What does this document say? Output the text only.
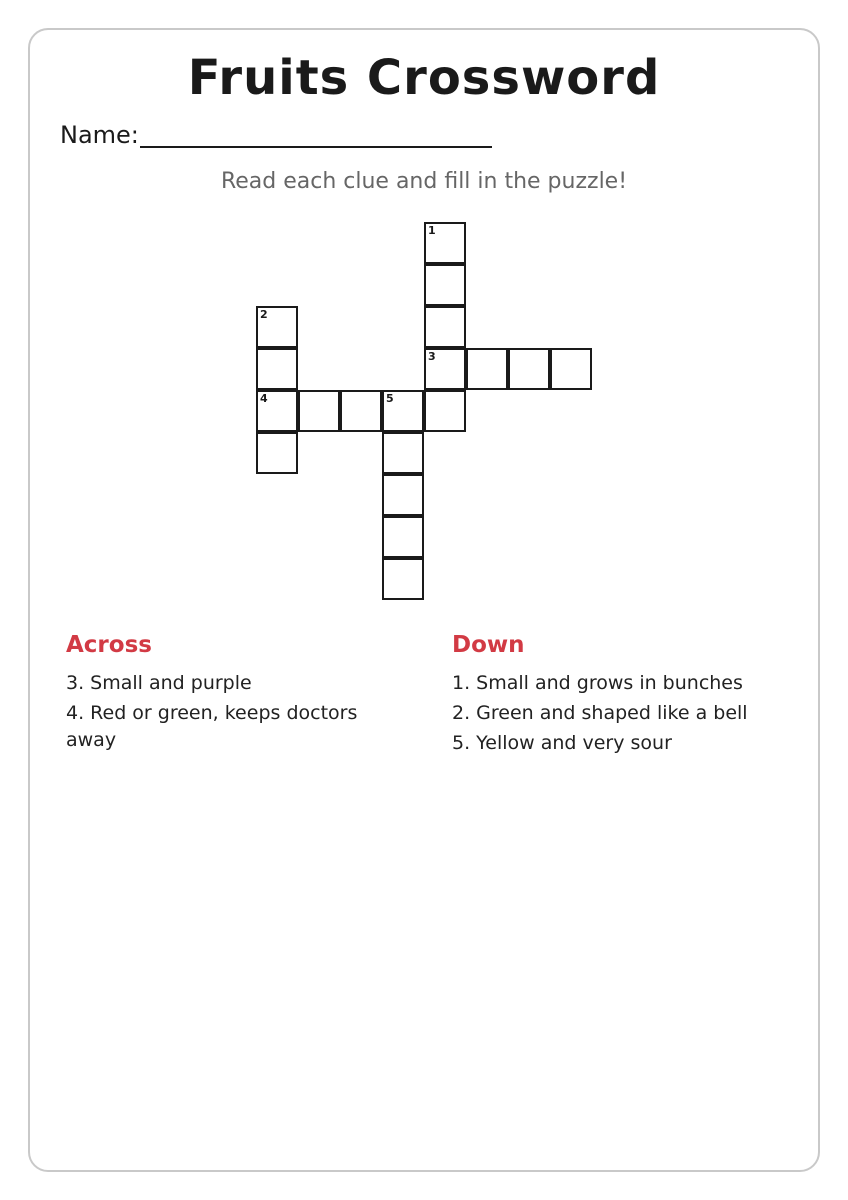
Fruits Crossword
Name:
Read each clue and fill in the puzzle!
1
3
2
4	5
Across
3. Small and purple
4. Red or green, keeps doctors away
Down
1. Small and grows in bunches
2. Green and shaped like a bell
5. Yellow and very sour
